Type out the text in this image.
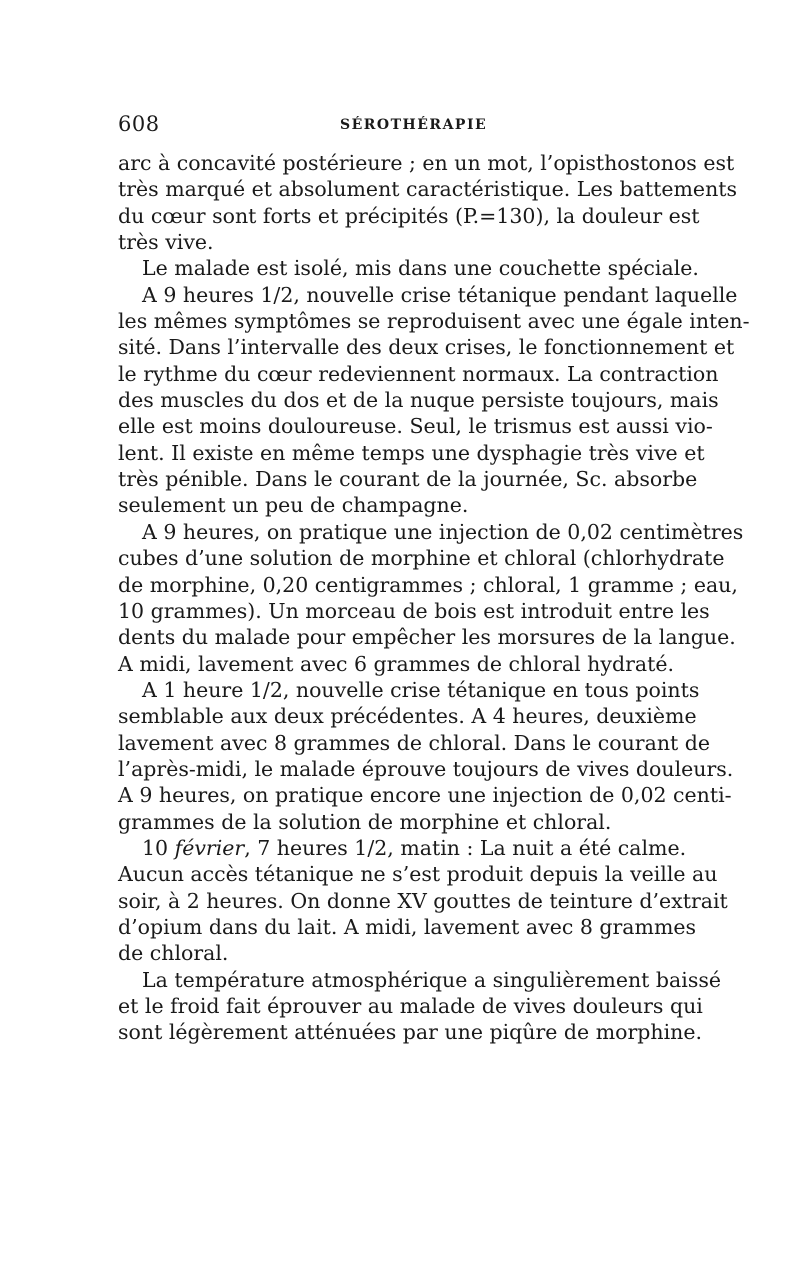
608	SÉROTHÉRAPIE
arc à concavité postérieure ; en un mot, l’opisthostonos est
très marqué et absolument caractéristique. Les battements
du cœur sont forts et précipités (P.=130), la douleur est
très vive.
Le malade est isolé, mis dans une couchette spéciale.
A 9 heures 1/2, nouvelle crise tétanique pendant laquelle
les mêmes symptômes se reproduisent avec une égale inten-
sité. Dans l’intervalle des deux crises, le fonctionnement et
le rythme du cœur redeviennent normaux. La contraction
des muscles du dos et de la nuque persiste toujours, mais
elle est moins douloureuse. Seul, le trismus est aussi vio-
lent. Il existe en même temps une dysphagie très vive et
très pénible. Dans le courant de la journée, Sc. absorbe
seulement un peu de champagne.
A 9 heures, on pratique une injection de 0,02 centimètres
cubes d’une solution de morphine et chloral (chlorhydrate
de morphine, 0,20 centigrammes ; chloral, 1 gramme ; eau,
10 grammes). Un morceau de bois est introduit entre les
dents du malade pour empêcher les morsures de la langue.
A midi, lavement avec 6 grammes de chloral hydraté.
A 1 heure 1/2, nouvelle crise tétanique en tous points
semblable aux deux précédentes. A 4 heures, deuxième
lavement avec 8 grammes de chloral. Dans le courant de
l’après-midi, le malade éprouve toujours de vives douleurs.
A 9 heures, on pratique encore une injection de 0,02 centi-
grammes de la solution de morphine et chloral.
10 février, 7 heures 1/2, matin : La nuit a été calme.
Aucun accès tétanique ne s’est produit depuis la veille au
soir, à 2 heures. On donne XV gouttes de teinture d’extrait
d’opium dans du lait. A midi, lavement avec 8 grammes
de chloral.
La température atmosphérique a singulièrement baissé
et le froid fait éprouver au malade de vives douleurs qui
sont légèrement atténuées par une piqûre de morphine.
